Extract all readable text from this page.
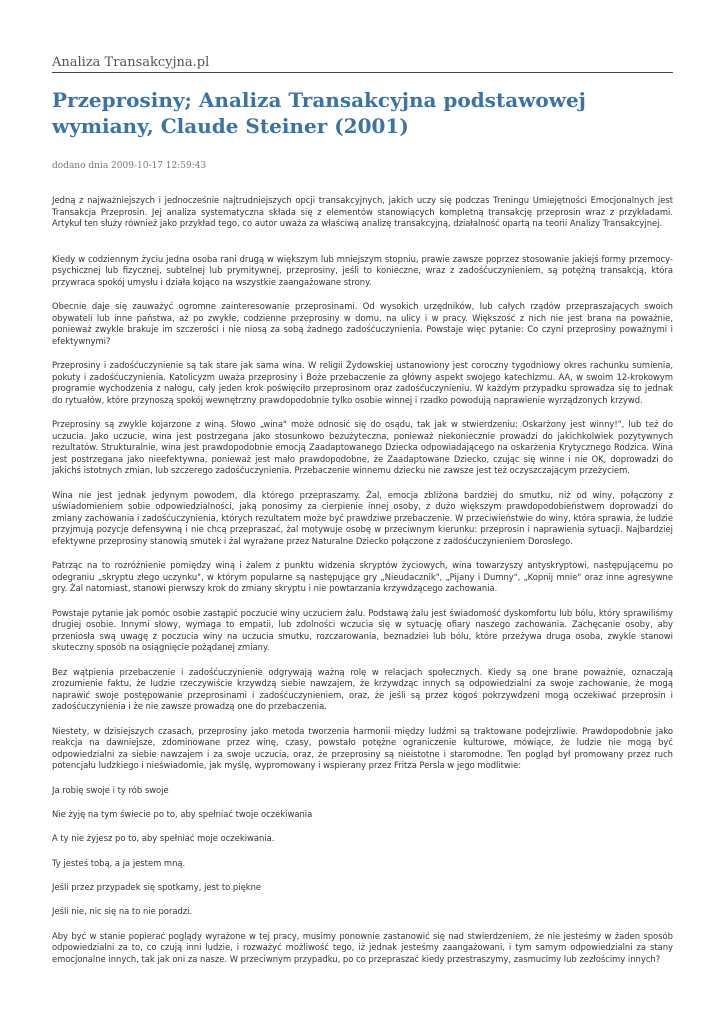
Analiza Transakcyjna.pl
Przeprosiny; Analiza Transakcyjna podstawowej wymiany, Claude Steiner (2001)
dodano dnia 2009-10-17 12:59:43

Jedną z najważniejszych i jednocześnie najtrudniejszych opcji transakcyjnych, jakich uczy się podczas Treningu Umiejętności Emocjonalnych jest Transakcja Przeprosin. Jej analiza systematyczna składa się z elementów stanowiących kompletną transakcję przeprosin wraz z przykładami. Artykuł ten służy również jako przykład tego, co autor uważa za właściwą analizę transakcyjną, działalność opartą na teorii Analizy Transakcyjnej.

Kiedy w codziennym życiu jedna osoba rani drugą w większym lub mniejszym stopniu, prawie zawsze poprzez stosowanie jakiejś formy przemocy-psychicznej lub fizycznej, subtelnej lub prymitywnej, przeprosiny, jeśli to konieczne, wraz z zadośćuczynieniem, są potężną transakcją, która przywraca spokój umysłu i działa kojąco na wszystkie zaangażowane strony.

Obecnie daje się zauważyć ogromne zainteresowanie przeprosinami. Od wysokich urzędników, lub całych rządów przepraszających swoich obywateli lub inne państwa, aż po zwykłe, codzienne przeprosiny w domu, na ulicy i w pracy. Większość z nich nie jest brana na poważnie, ponieważ zwykle brakuje im szczerości i nie niosą za sobą żadnego zadośćuczynienia. Powstaje więc pytanie: Co czyni przeprosiny poważnymi i efektywnymi?

Przeprosiny i zadośćuczynienie są tak stare jak sama wina. W religii Żydowskiej ustanowiony jest coroczny tygodniowy okres rachunku sumienia, pokuty i zadośćuczynienia. Katolicyzm uważa przeprosiny i Boże przebaczenie za główny aspekt swojego katechizmu. AA, w swoim 12-krokowym programie wychodzenia z nałogu, cały jeden krok poświęciło przeprosinom oraz zadośćuczynieniu. W każdym przypadku sprowadza się to jednak do rytuałów, które przynoszą spokój wewnętrzny prawdopodobnie tylko osobie winnej i rzadko powodują naprawienie wyrządzonych krzywd.

Przeprosiny są zwykle kojarzone z winą. Słowo „wina" może odnosić się do osądu, tak jak w stwierdzeniu: Oskarżony jest winny!", lub też do uczucia. Jako uczucie, wina jest postrzegana jako stosunkowo bezużyteczna, ponieważ niekoniecznie prowadzi do jakichkolwiek pozytywnych rezultatów. Strukturalnie, wina jest prawdopodobnie emocją Zaadaptowanego Dziecka odpowiadającego na oskarżenia Krytycznego Rodzica. Wina jest postrzegana jako nieefektywna, ponieważ jest mało prawdopodobne, że Zaadaptowane Dziecko, czując się winne i nie OK, doprowadzi do jakichś istotnych zmian, lub szczerego zadośćuczynienia. Przebaczenie winnemu dziecku nie zawsze jest też oczyszczającym przeżyciem.

Wina nie jest jednak jedynym powodem, dla którego przepraszamy. Żal, emocja zbliżona bardziej do smutku, niż od winy, połączony z uświadomieniem sobie odpowiedzialności, jaką ponosimy za cierpienie innej osoby, z dużo większym prawdopodobieństwem doprowadzi do zmiany zachowania i zadośćuczynienia, których rezultatem może być prawdziwe przebaczenie. W przeciwieństwie do winy, która sprawia, że ludzie przyjmują pozycje defensywną i nie chcą przepraszać, żal motywuje osobę w przeciwnym kierunku: przeprosin i naprawienia sytuacji. Najbardziej efektywne przeprosiny stanowią smutek i żal wyrażane przez Naturalne Dziecko połączone z zadośćuczynieniem Dorosłego.

Patrząc na to rozróżnienie pomiędzy winą i żalem z punktu widzenia skryptów życiowych, wina towarzyszy antyskryptowi, następującemu po odegraniu „skryptu złego uczynku", w którym popularne są następujące gry „Nieudacznik", „Pijany i Dumny", „Kopnij mnie" oraz inne agresywne gry. Żal natomiast, stanowi pierwszy krok do zmiany skryptu i nie powtarzania krzywdzącego zachowania.

Powstaje pytanie jak pomóc osobie zastąpić poczucie winy uczuciem żalu. Podstawą żalu jest świadomość dyskomfortu lub bólu, który sprawiliśmy drugiej osobie. Innymi słowy, wymaga to empatii, lub zdolności wczucia się w sytuację ofiary naszego zachowania. Zachęcanie osoby, aby przeniosła swą uwagę z poczucia winy na uczucia smutku, rozczarowania, beznadziei lub bólu, które przeżywa druga osoba, zwykle stanowi skuteczny sposób na osiągnięcie pożądanej zmiany.

Bez wątpienia przebaczenie i zadośćuczynienie odgrywają ważną rolę w relacjach społecznych. Kiedy są one brane poważnie, oznaczają zrozumienie faktu, że ludzie rzeczywiście krzywdzą siebie nawzajem, że krzywdząc innych są odpowiedzialni za swoje zachowanie, że mogą naprawić swoje postępowanie przeprosinami i zadośćuczynieniem, oraz, że jeśli są przez kogoś pokrzywdzeni mogą oczekiwać przeprosin i zadośćuczynienia i że nie zawsze prowadzą one do przebaczenia.

Niestety, w dzisiejszych czasach, przeprosiny jako metoda tworzenia harmonii między ludźmi są traktowane podejrzliwie. Prawdopodobnie jako reakcja na dawniejsze, zdominowane przez winę, czasy, powstało potężne ograniczenie kulturowe, mówiące, że ludzie nie mogą być odpowiedzialni za siebie nawzajem i za swoje uczucia, oraz, że przeprosiny są nieistotne i staromodne. Ten pogląd był promowany przez ruch potencjału ludzkiego i nieświadomie, jak myślę, wypromowany i wspierany przez Fritza Persla w jego modlitwie:

Ja robię swoje i ty rób swoje

Nie żyję na tym świecie po to, aby spełniać twoje oczekiwania

A ty nie żyjesz po to, aby spełniać moje oczekiwania.

Ty jesteś tobą, a ja jestem mną.

Jeśli przez przypadek się spotkamy, jest to piękne

Jeśli nie, nic się na to nie poradzi.

Aby być w stanie popierać poglądy wyrażone w tej pracy, musimy ponownie zastanowić się nad stwierdzeniem, że nie jesteśmy w żaden sposób odpowiedzialni za to, co czują inni ludzie, i rozważyć możliwość tego, iż jednak jesteśmy zaangażowani, i tym samym odpowiedzialni za stany emocjonalne innych, tak jak oni za nasze. W przeciwnym przypadku, po co przepraszać kiedy przestraszymy, zasmucimy lub zezłościmy innych?
